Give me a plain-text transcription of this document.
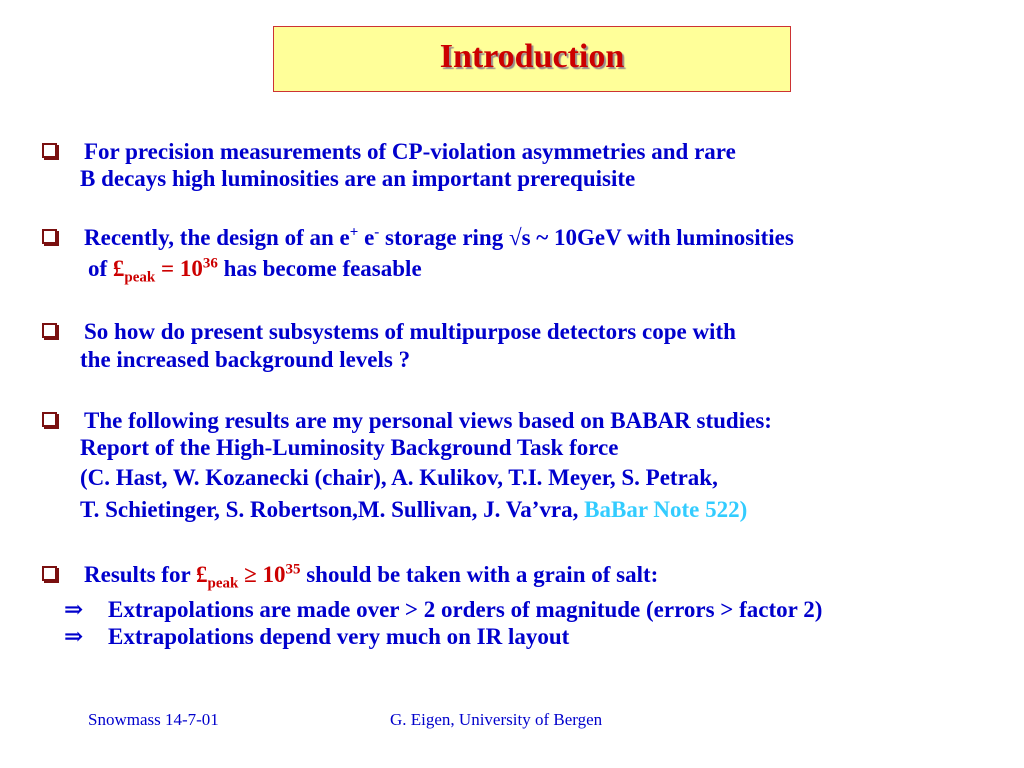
Introduction
For precision measurements of CP-violation asymmetries and rare
B decays high luminosities are an important prerequisite
Recently, the design of an e+ e- storage ring √s ~ 10GeV with luminosities
of $£_{peak} = 10^{36}$ has become feasable
So how do present subsystems of multipurpose detectors cope with
the increased background levels ?
The following results are my personal views based on BABAR studies:
Report of the High-Luminosity Background Task force
(C. Hast, W. Kozanecki (chair), A. Kulikov, T.I. Meyer, S. Petrak,
T. Schietinger, S. Robertson,M. Sullivan, J. Va’vra, BaBar Note 522)
Results for $£_{peak} \ge 10^{35}$ should be taken with a grain of salt:
⇒ Extrapolations are made over > 2 orders of magnitude (errors > factor 2)
⇒ Extrapolations depend very much on IR layout
Snowmass 14-7-01	G. Eigen, University of Bergen
